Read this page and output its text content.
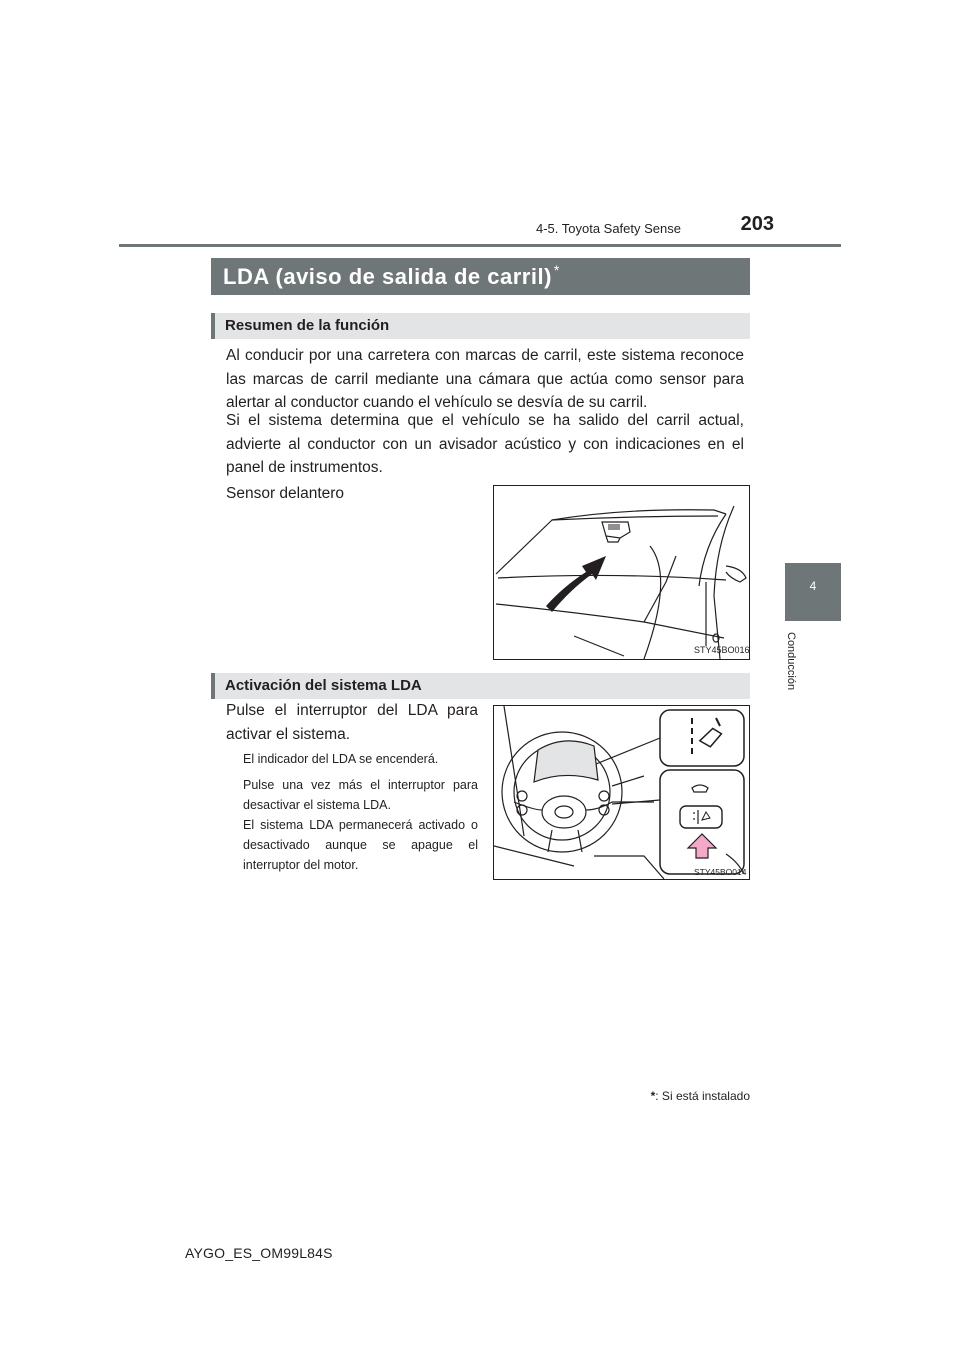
4-5. Toyota Safety Sense	203
LDA (aviso de salida de carril) *
4
Conducción
Resumen de la función
Al conducir por una carretera con marcas de carril, este sistema reconoce las marcas de carril mediante una cámara que actúa como sensor para alertar al conductor cuando el vehículo se desvía de su carril.
Si el sistema determina que el vehículo se ha salido del carril actual, advierte al conductor con un avisador acústico y con indicaciones en el panel de instrumentos.
Sensor delantero
STY45BO016
Activación del sistema LDA
Pulse el interruptor del LDA para activar el sistema.
El indicador del LDA se encenderá.
Pulse una vez más el interruptor para desactivar el sistema LDA.
El sistema LDA permanecerá activado o desactivado aunque se apague el interruptor del motor.	STY45BO014
*: Si está instalado
AYGO_ES_OM99L84S
